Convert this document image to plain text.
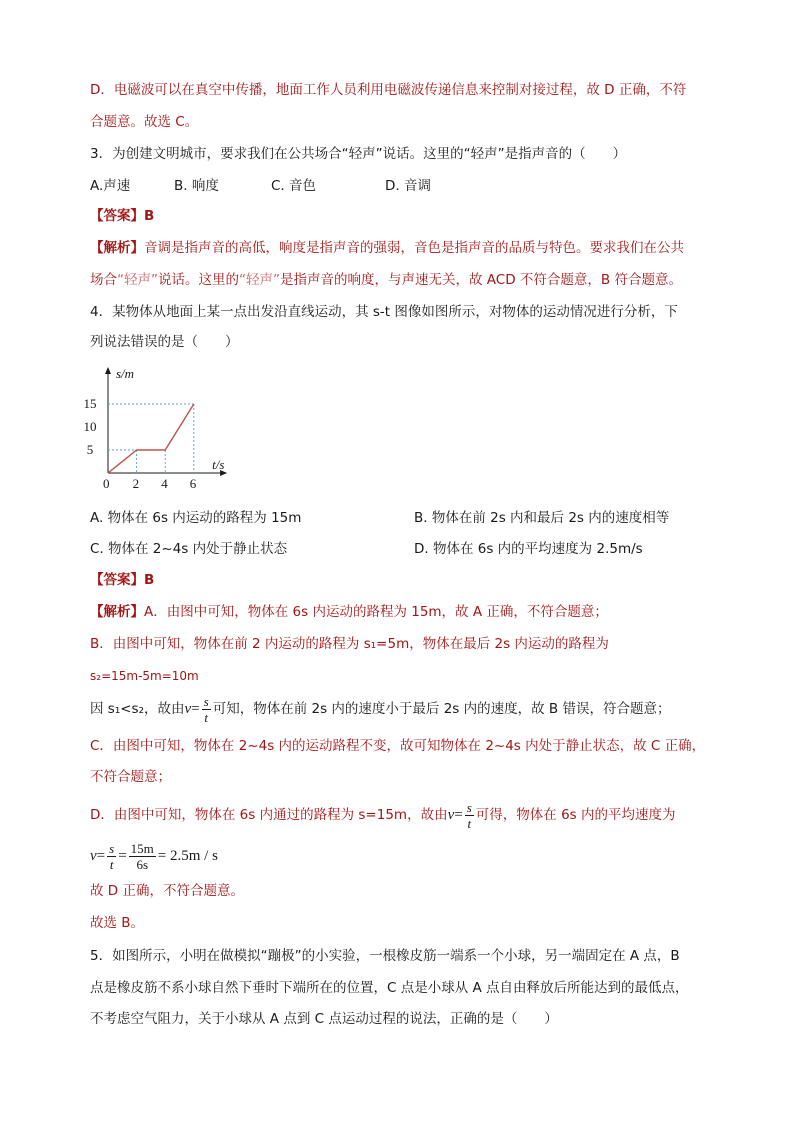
D．电磁波可以在真空中传播，地面工作人员利用电磁波传递信息来控制对接过程，故 D 正确，不符
合题意。故选 C。
3．为创建文明城市，要求我们在公共场合“轻声”说话。这里的“轻声”是指声音的（　　）
A.声速	B. 响度	C. 音色	D. 音调
【答案】B
【解析】音调是指声音的高低，响度是指声音的强弱，音色是指声音的品质与特色。要求我们在公共
场合“轻声”说话。这里的“轻声”是指声音的响度，与声速无关，故 ACD 不符合题意，B 符合题意。
4．某物体从地面上某一点出发沿直线运动，其 s-t 图像如图所示，对物体的运动情况进行分析，下
列说法错误的是（　　）
0 2 4 6
5
10
15
s/m
t/s
A. 物体在 6s 内运动的路程为 15m	B. 物体在前 2s 内和最后 2s 内的速度相等
C. 物体在 2~4s 内处于静止状态	D. 物体在 6s 内的平均速度为 2.5m/s
【答案】B
【解析】A．由图中可知，物体在 6s 内运动的路程为 15m，故 A 正确，不符合题意；
B．由图中可知，物体在前 2 内运动的路程为 s₁=5m，物体在最后 2s 内运动的路程为
s₂=15m-5m=10m
因 s₁<s₂，故由$v= \frac{s}{t}$ 可知，物体在前 2s 内的速度小于最后 2s 内的速度，故 B 错误，符合题意；
C．由图中可知，物体在 2~4s 内的运动路程不变，故可知物体在 2~4s 内处于静止状态，故 C 正确，
不符合题意；
D．由图中可知，物体在 6s 内通过的路程为 s=15m，故由$v= \frac{s}{t}$ 可得，物体在 6s 内的平均速度为
$v= \frac{s}{t} = \frac{15m}{6s} = 2.5m / s$
故 D 正确，不符合题意。
故选 B。
5．如图所示，小明在做模拟“蹦极”的小实验，一根橡皮筋一端系一个小球，另一端固定在 A 点，B
点是橡皮筋不系小球自然下垂时下端所在的位置，C 点是小球从 A 点自由释放后所能达到的最低点，
不考虑空气阻力，关于小球从 A 点到 C 点运动过程的说法，正确的是（　　）
